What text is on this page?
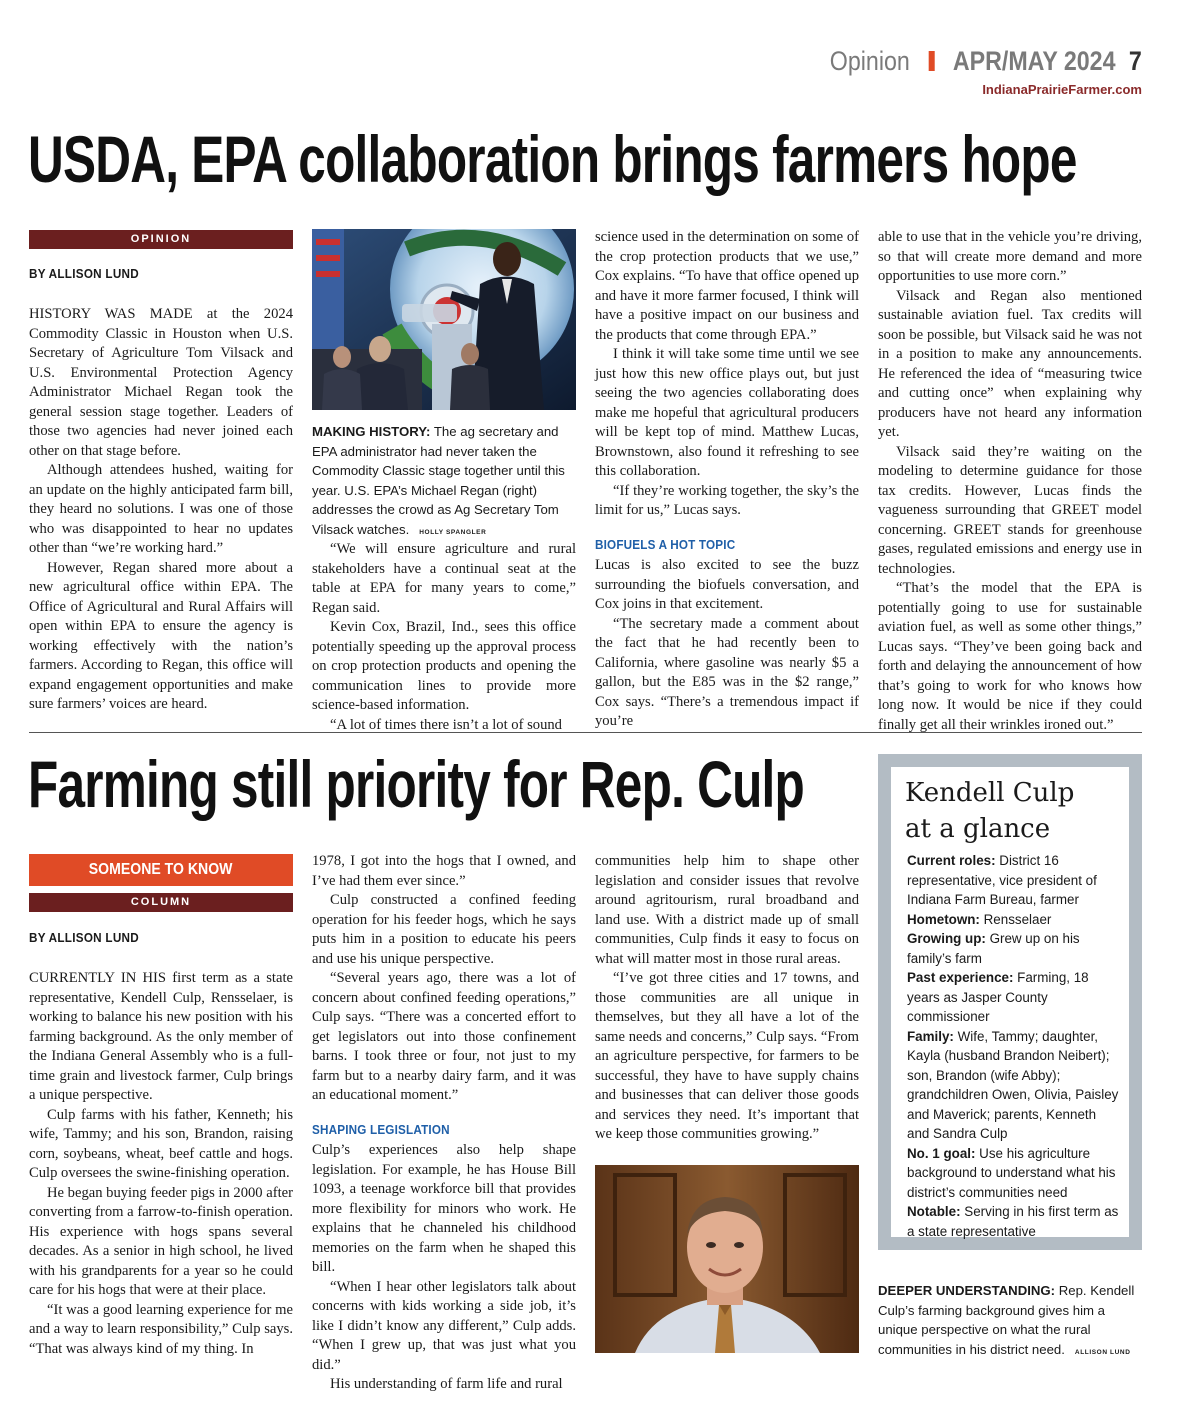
Opinion APR/MAY 2024 7
IndianaPrairieFarmer.com
USDA, EPA collaboration brings farmers hope
OPINION
BY ALLISON LUND

HISTORY WAS MADE at the 2024 Commodity Classic in Houston when U.S. Secretary of Agriculture Tom Vilsack and U.S. Environmental Protection Agency Administrator Michael Regan took the general session stage together. Leaders of those two agencies had never joined each other on that stage before.

Although attendees hushed, waiting for an update on the highly anticipated farm bill, they heard no solutions. I was one of those who was disappointed to hear no updates other than “we’re working hard.”

However, Regan shared more about a new agricultural office within EPA. The Office of Agricultural and Rural Affairs will open within EPA to ensure the agency is working effectively with the nation’s farmers. According to Regan, this office will expand engagement opportunities and make sure farmers’ voices are heard.

MAKING HISTORY: The ag secretary and EPA administrator had never taken the Commodity Classic stage together until this year. U.S. EPA’s Michael Regan (right) addresses the crowd as Ag Secretary Tom Vilsack watches. HOLLY SPANGLER

“We will ensure agriculture and rural stakeholders have a continual seat at the table at EPA for many years to come,” Regan said.

Kevin Cox, Brazil, Ind., sees this office potentially speeding up the approval process on crop protection products and opening the communication lines to provide more science-based information.

“A lot of times there isn’t a lot of sound

science used in the determination on some of the crop protection products that we use,” Cox explains. “To have that office opened up and have it more farmer focused, I think will have a positive impact on our business and the products that come through EPA.”

I think it will take some time until we see just how this new office plays out, but just seeing the two agencies collaborating does make me hopeful that agricultural producers will be kept top of mind. Matthew Lucas, Brownstown, also found it refreshing to see this collaboration.

“If they’re working together, the sky’s the limit for us,” Lucas says.

BIOFUELS A HOT TOPIC

Lucas is also excited to see the buzz surrounding the biofuels conversation, and Cox joins in that excitement.

“The secretary made a comment about the fact that he had recently been to California, where gasoline was nearly $5 a gallon, but the E85 was in the $2 range,” Cox says. “There’s a tremendous impact if you’re

able to use that in the vehicle you’re driving, so that will create more demand and more opportunities to use more corn.”

Vilsack and Regan also mentioned sustainable aviation fuel. Tax credits will soon be possible, but Vilsack said he was not in a position to make any announcements. He referenced the idea of “measuring twice and cutting once” when explaining why producers have not heard any information yet.

Vilsack said they’re waiting on the modeling to determine guidance for those tax credits. However, Lucas finds the vagueness surrounding that GREET model concerning. GREET stands for greenhouse gases, regulated emissions and energy use in technologies.

“That’s the model that the EPA is potentially going to use for sustainable aviation fuel, as well as some other things,” Lucas says. “They’ve been going back and forth and delaying the announcement of how that’s going to work for who knows how long now. It would be nice if they could finally get all their wrinkles ironed out.”

Farming still priority for Rep. Culp
SOMEONE TO KNOW
COLUMN
BY ALLISON LUND

CURRENTLY IN HIS first term as a state representative, Kendell Culp, Rensselaer, is working to balance his new position with his farming background. As the only member of the Indiana General Assembly who is a full-time grain and livestock farmer, Culp brings a unique perspective.

Culp farms with his father, Kenneth; his wife, Tammy; and his son, Brandon, raising corn, soybeans, wheat, beef cattle and hogs. Culp oversees the swine-finishing operation.

He began buying feeder pigs in 2000 after converting from a farrow-to-finish operation. His experience with hogs spans several decades. As a senior in high school, he lived with his grandparents for a year so he could care for his hogs that were at their place.

“It was a good learning experience for me and a way to learn responsibility,” Culp says. “That was always kind of my thing. In

1978, I got into the hogs that I owned, and I’ve had them ever since.”

Culp constructed a confined feeding operation for his feeder hogs, which he says puts him in a position to educate his peers and use his unique perspective.

“Several years ago, there was a lot of concern about confined feeding operations,” Culp says. “There was a concerted effort to get legislators out into those confinement barns. I took three or four, not just to my farm but to a nearby dairy farm, and it was an educational moment.”

SHAPING LEGISLATION

Culp’s experiences also help shape legislation. For example, he has House Bill 1093, a teenage workforce bill that provides more flexibility for minors who work. He explains that he channeled his childhood memories on the farm when he shaped this bill.

“When I hear other legislators talk about concerns with kids working a side job, it’s like I didn’t know any different,” Culp adds. “When I grew up, that was just what you did.”

His understanding of farm life and rural

communities help him to shape other legislation and consider issues that revolve around agritourism, rural broadband and land use. With a district made up of small communities, Culp finds it easy to focus on what will matter most in those rural areas.

“I’ve got three cities and 17 towns, and those communities are all unique in themselves, but they all have a lot of the same needs and concerns,” Culp says. “From an agriculture perspective, for farmers to be successful, they have to have supply chains and businesses that can deliver those goods and services they need. It’s important that we keep those communities growing.”

Kendell Culp
at a glance
Current roles: District 16 representative, vice president of Indiana Farm Bureau, farmer
Hometown: Rensselaer
Growing up: Grew up on his family’s farm
Past experience: Farming, 18 years as Jasper County commissioner
Family: Wife, Tammy; daughter, Kayla (husband Brandon Neibert); son, Brandon (wife Abby); grandchildren Owen, Olivia, Paisley and Maverick; parents, Kenneth and Sandra Culp
No. 1 goal: Use his agriculture background to understand what his district’s communities need
Notable: Serving in his first term as a state representative
DEEPER UNDERSTANDING: Rep. Kendell Culp’s farming background gives him a unique perspective on what the rural communities in his district need. ALLISON LUND
